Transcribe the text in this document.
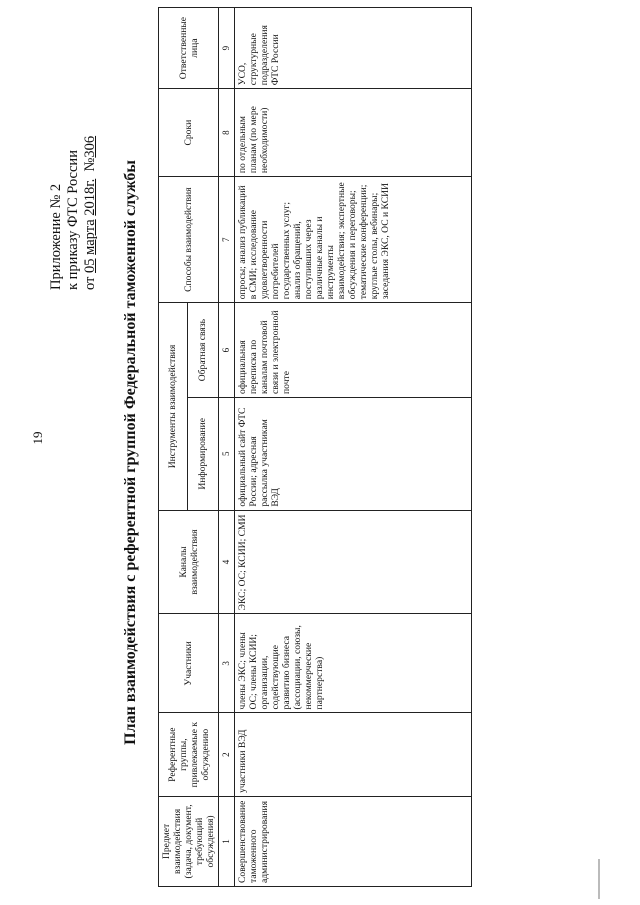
19
Приложение № 2 к приказу ФТС России от 05 марта 2018г.  №306
План взаимодействия с референтной группой Федеральной таможенной службы
Предмет взаимодействия (задача, документ, требующий обсуждения)	Референтные группы, привлекаемые к обсуждению	Участники	Каналы взаимодействия	Инструменты взаимодействия		Способы взаимодействия	Сроки	Ответственные лица
				Информирование	Обратная связь			
1	2	3	4	5	6	7	8	9
Совершенствование таможенного администрирования	участники ВЭД	члены ЭКС; члены ОС; члены КСИИ; организации, содействующие развитию бизнеса (ассоциации, союзы, некоммерческие партнерства)	ЭКС; ОС; КСИИ; СМИ	официальный сайт ФТС России; адресная рассылка участникам ВЭД	официальная переписка по каналам почтовой связи и электронной почте	опросы; анализ публикаций в СМИ; исследование удовлетворенности потребителей государственных услуг; анализ обращений, поступивших через различные каналы и инструменты взаимодействия; экспертные обсуждения и переговоры; тематические конференции; круглые столы, вебинары; заседания ЭКС, ОС и КСИИ	по отдельным планам (по мере необходимости)	УСО, структурные подразделения ФТС России
